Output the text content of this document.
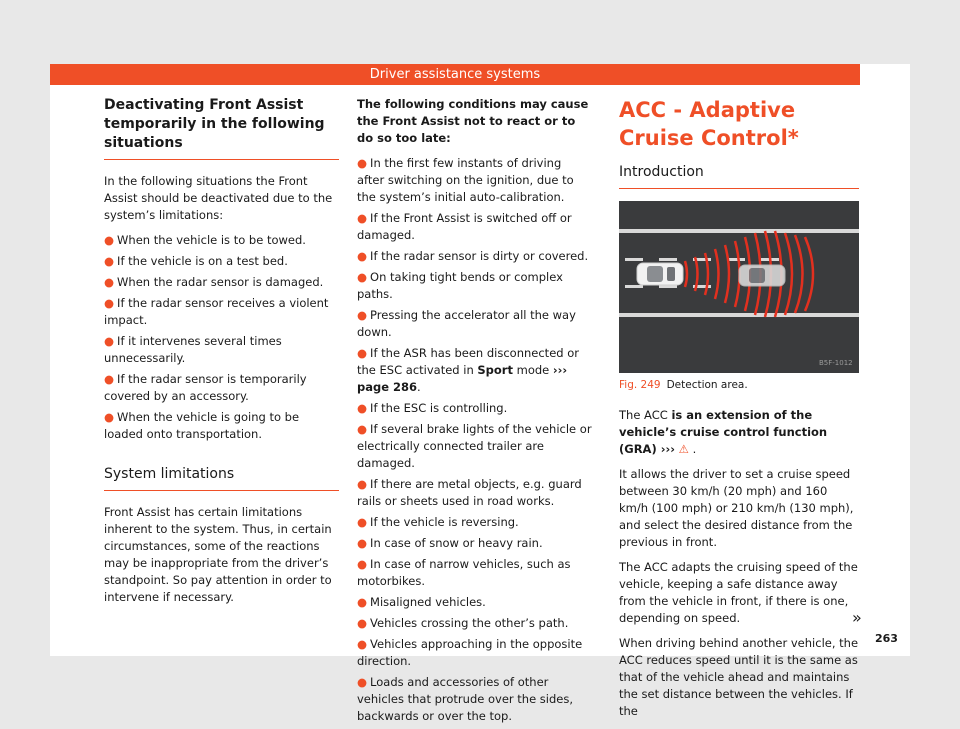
Driver assistance systems
Deactivating Front Assist temporarily in the following situations

In the following situations the Front Assist should be deactivated due to the system’s limitations:

● When the vehicle is to be towed.
● If the vehicle is on a test bed.
● When the radar sensor is damaged.
● If the radar sensor receives a violent impact.
● If it intervenes several times unnecessarily.
● If the radar sensor is temporarily covered by an accessory.
● When the vehicle is going to be loaded onto transportation.
System limitations

Front Assist has certain limitations inherent to the system. Thus, in certain circumstances, some of the reactions may be inappropriate from the driver’s standpoint. So pay attention in order to intervene if necessary.

The following conditions may cause the Front Assist not to react or to do so too late:

● In the first few instants of driving after switching on the ignition, due to the system’s initial auto-calibration.
● If the Front Assist is switched off or damaged.
● If the radar sensor is dirty or covered.
● On taking tight bends or complex paths.
● Pressing the accelerator all the way down.
● If the ASR has been disconnected or the ESC activated in Sport mode ››› page 286.
● If the ESC is controlling.
● If several brake lights of the vehicle or electrically connected trailer are damaged.
● If there are metal objects, e.g. guard rails or sheets used in road works.
● If the vehicle is reversing.
● In case of snow or heavy rain.
● In case of narrow vehicles, such as motorbikes.
● Misaligned vehicles.
● Vehicles crossing the other’s path.
● Vehicles approaching in the opposite direction.
● Loads and accessories of other vehicles that protrude over the sides, backwards or over the top.
ACC - Adaptive Cruise Control*
Introduction
B5F-1012
Fig. 249 Detection area.

The ACC is an extension of the vehicle’s cruise control function (GRA) ››› ⚠ .

It allows the driver to set a cruise speed between 30 km/h (20 mph) and 160 km/h (100 mph) or 210 km/h (130 mph), and select the desired distance from the previous in front.

The ACC adapts the cruising speed of the vehicle, keeping a safe distance away from the vehicle in front, if there is one, depending on speed.

When driving behind another vehicle, the ACC reduces speed until it is the same as that of the vehicle ahead and maintains the set distance between the vehicles. If the

»
263
